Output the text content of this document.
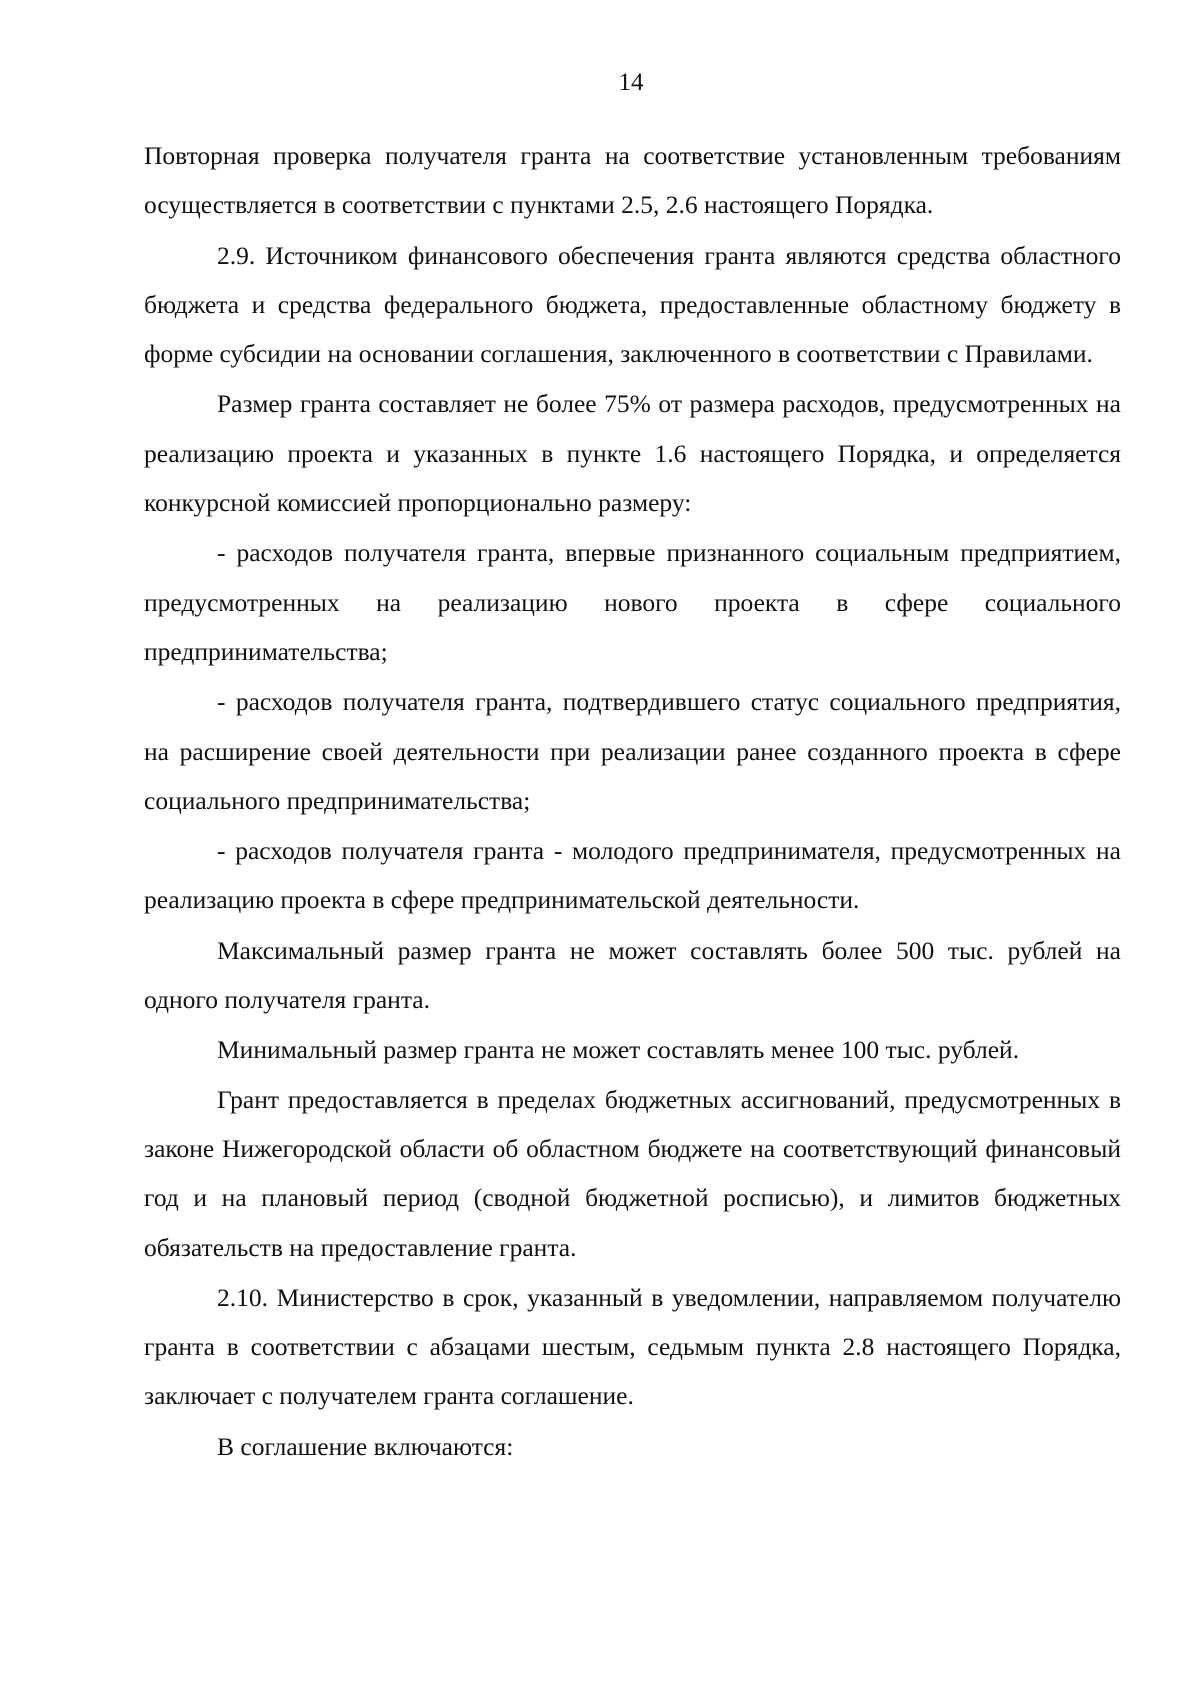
14

Повторная проверка получателя гранта на соответствие установленным требованиям осуществляется в соответствии с пунктами 2.5, 2.6 настоящего Порядка.

2.9. Источником финансового обеспечения гранта являются средства областного бюджета и средства федерального бюджета, предоставленные областному бюджету в форме субсидии на основании соглашения, заключенного в соответствии с Правилами.

Размер гранта составляет не более 75% от размера расходов, предусмотренных на реализацию проекта и указанных в пункте 1.6 настоящего Порядка, и определяется конкурсной комиссией пропорционально размеру:

- расходов получателя гранта, впервые признанного социальным предприятием, предусмотренных на реализацию нового проекта в сфере социального предпринимательства;

- расходов получателя гранта, подтвердившего статус социального предприятия, на расширение своей деятельности при реализации ранее созданного проекта в сфере социального предпринимательства;

- расходов получателя гранта - молодого предпринимателя, предусмотренных на реализацию проекта в сфере предпринимательской деятельности.

Максимальный размер гранта не может составлять более 500 тыс. рублей на одного получателя гранта.

Минимальный размер гранта не может составлять менее 100 тыс. рублей.

Грант предоставляется в пределах бюджетных ассигнований, предусмотренных в законе Нижегородской области об областном бюджете на соответствующий финансовый год и на плановый период (сводной бюджетной росписью), и лимитов бюджетных обязательств на предоставление гранта.

2.10. Министерство в срок, указанный в уведомлении, направляемом получателю гранта в соответствии с абзацами шестым, седьмым пункта 2.8 настоящего Порядка, заключает с получателем гранта соглашение.

В соглашение включаются:
